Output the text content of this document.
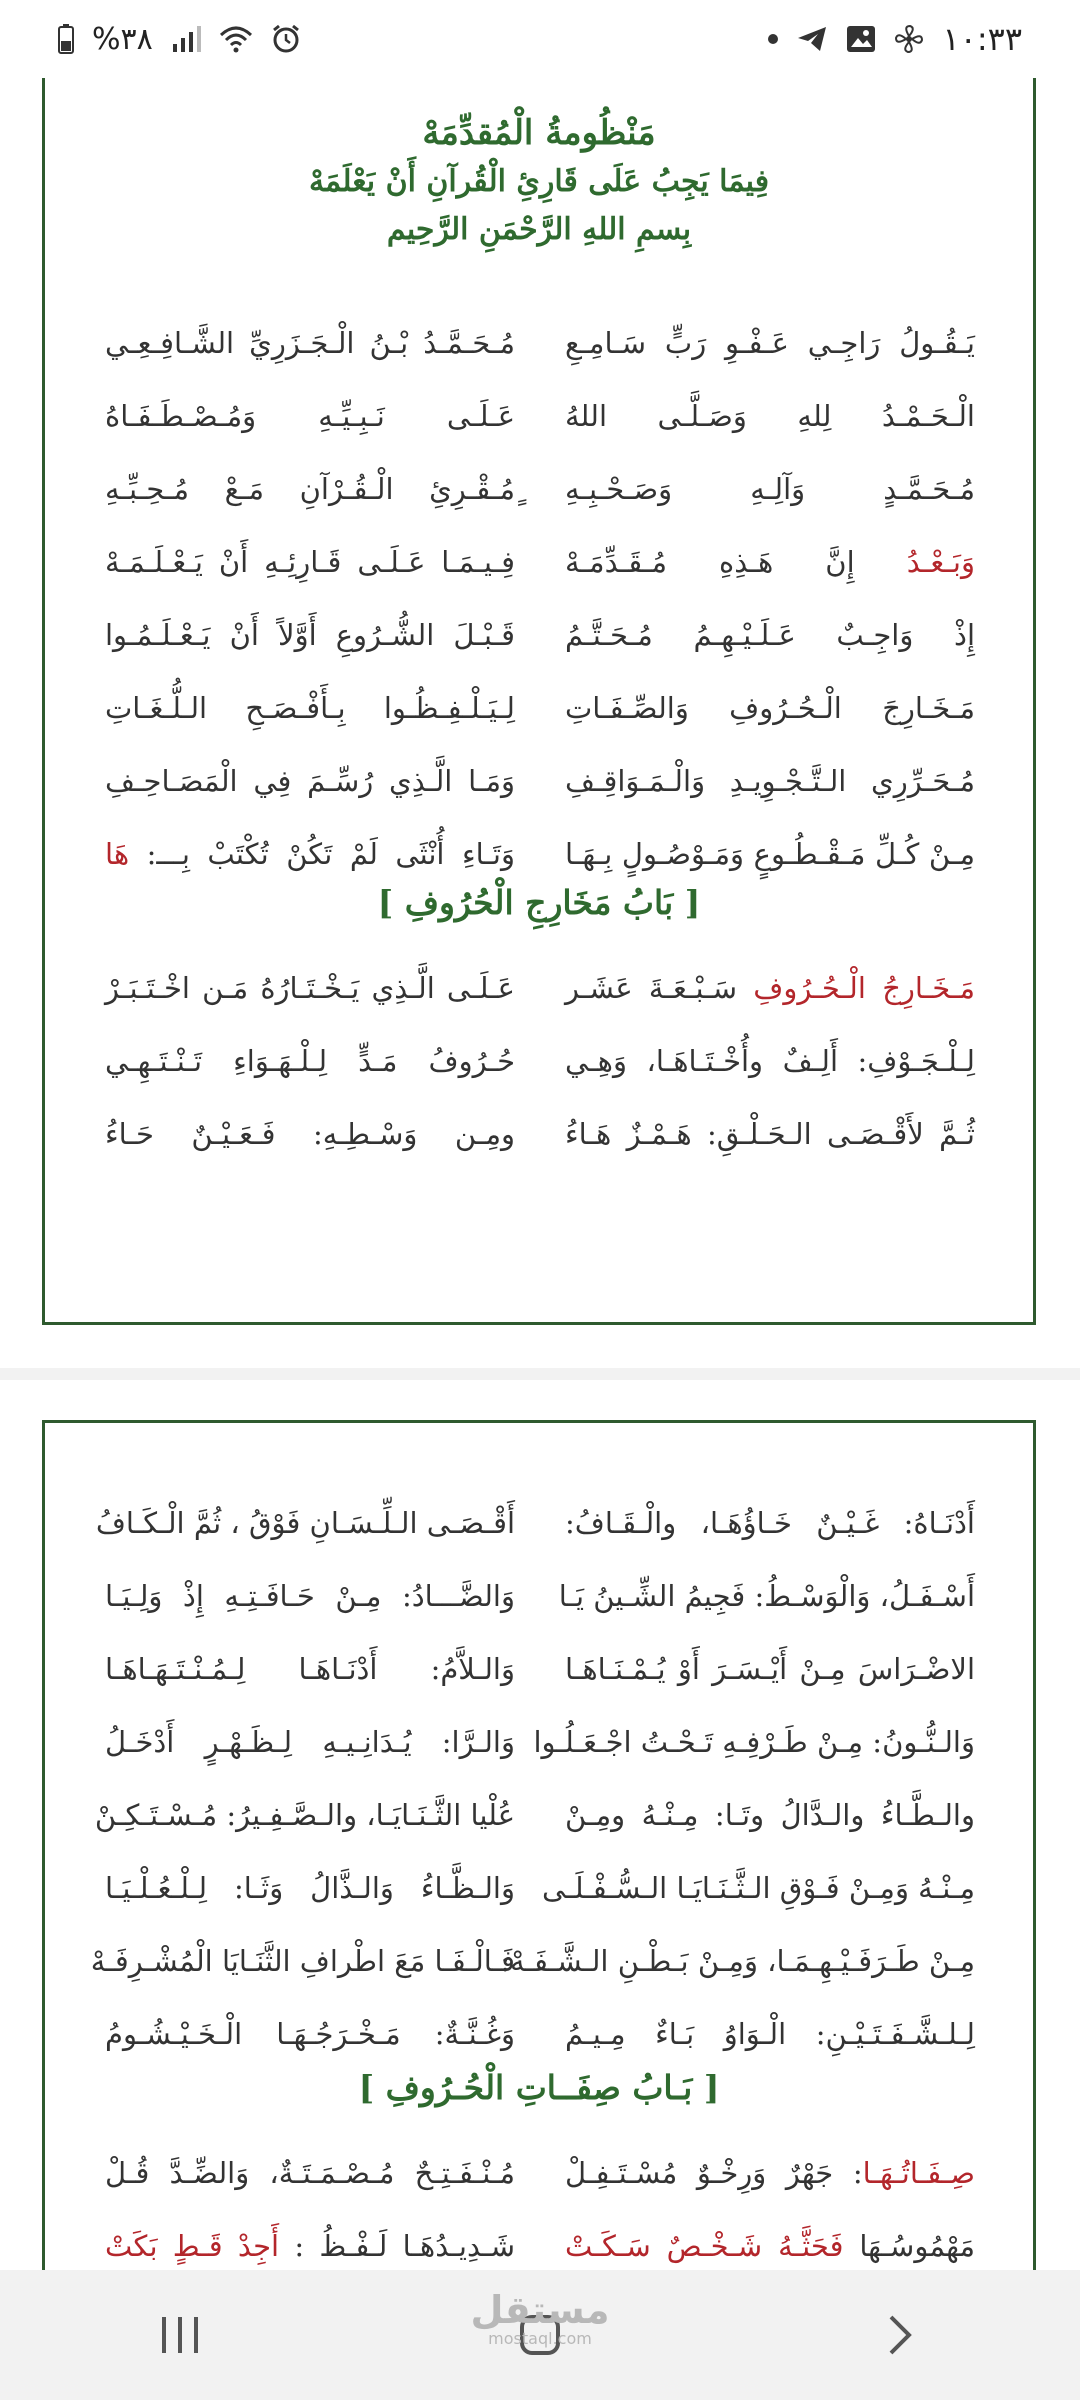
%٣٨	١٠:٣٣
مَنْظُومةُ الْمُقدِّمَهْ
فِيمَا يَجِبُ عَلَى قَارِئِ الْقُرآنِ أَنْ يَعْلَمَهْ
بِسمِ اللهِ الرَّحْمَنِ الرَّحِيم
يَـقُـولُ رَاجِـي عَـفْـوِ رَبٍّ سَـامِـعِ
مُـحَـمَّـدُ بْـنُ الْـجَـزَرِيِّ الشَّـافِـعِـي
الْـحَـمْـدُ لِلهِ وَصَـلَّـى اللهُ
عَـلَـى نَـبِـيِّـهِ وَمُـصْـطَـفَـاهُ
مُـحَـمَّـدٍ وَآلِـهِ وَصَـحْـبِـهِ
ٍمُـقْـرِئِ الْـقُـرْآنِ مَـعْ مُـحِـبِّـهِ
وَبَـعْـدُ إِنَّ هَـذِهِ مُـقَـدِّمَـهْ
فِـيـمَـا عَـلَـى قَـارِئِـهِ أَنْ يَـعْـلَـمَـهْ
إِذْ وَاجِـبٌ عَـلَـيْـهِـمُ مُـحَـتَّـمُ
قَـبْـلَ الشُّـرُوعِ أَوَّلاً أَنْ يَـعْـلَـمُـوا
مَـخَـارِجَ الْـحُـرُوفِ وَالصِّـفَـاتِ
لِـيَـلْـفِـظُـوا بِـأَفْـصَـحِ الـلُّـغَـاتِ
مُـحَـرِّرِي الـتَّـجْـوِيـدِ وَالْـمَـوَاقِـفِ
وَمَـا الَّـذِي رُسِّـمَ فِي الْمَصَـاحِـفِ
مِـنْ كُـلِّ مَـقْـطُـوعٍ وَمَـوْصُـولٍ بِـهَـا
وَتَـاءِ أُنْثَى لَمْ تَكُنْ تُكْتَبْ بِـــ: هَا
[ بَابُ مَخَارِجِ الْحُرُوفِ ]
مَـخَـارِجُ الْـحُـرُوفِ سَـبْـعَـةَ عَشَـر
عَـلَـى الَّـذِي يَـخْـتَـارُهُ مَـن اخْـتَـبَـرْ
لِـلْـجَـوْفِ: أَلِـفٌ وأُخْـتَـاهَـا، وَهِـي
حُـرُوفُ مَـدٍّ لِـلْـهَـوَاءِ تَـنْـتَـهِـي
ثُـمَّ لأَقْـصَـى الـحَـلْـقِ: هَـمْـزٌ هَـاءُ
ومِـن وَسْـطِـهِ: فَـعَـيْـنٌ حَـاءُ
أَدْنَـاهُ: غَـيْـنٌ خَـاؤُهَـا، والْـقَـافُ:
أَقْـصَـى الـلِّـسَـانِ فَوْقُ ، ثُمَّ الْـكَـافُ
أَسْـفَـلُ، وَالْوَسْـطُ: فَجِيمُ الشِّـينُ يَـا
وَالضَّـــادُ: مِـنْ حَـافَـتِـهِ إِذْ وَلِـيَـا
الاضْـرَاسَ مِـنْ أَيْـسَـرَ أَوْ يُـمْـنَـاهَـا
وَالـلاَّمُ: أَدْنَـاهَـا لِـمُـنْـتَـهَـاهَـا
وَالـنُّـونُ: مِـنْ طَـرْفِـهِ تَـحْـتُ اجْـعَـلُـوا
وَالـرَّا: يُـدَانِـيـهِ لِـظَـهْـرٍ أَدْخَـلُ
والـطَّـاءُ والـدَّالُ وتَـا: مِـنْـهُ ومِـنْ
عُلْيا الثَّـنَـايَـا، والـصَّـفِـيرُ: مُـسْـتَـكِـنْ
مِـنْـهُ وَمِـنْ فَـوْقِ الـثَّـنَـايَـا الـسُّـفْـلَـى
وَالـظَّـاءُ وَالـذَّالُ وَثَـا: لِـلْـعُـلْـيَـا
مِـنْ طَـرَفَـيْـهِـمَـا، وَمِـنْ بَـطْـنِ الـشَّـفَـهْ:
فَـالْـفَـا مَعَ اطْرافِ الثَّنَـايَا الْمُشْـرِفَـهْ
لِـلـشَّـفَـتَـيْـنِ: الْـوَاوُ بَـاءٌ مِـيـمُ
وَغُـنَّـةٌ: مَـخْـرَجُـهَـا الْـخَـيْـشُـومُ
[ بَـابُ صِفَــاتِ الْحُـرُوفِ ]
صِـفَـاتُـهَـا: جَهْرٌ وَرِخْـوٌ مُسْـتَـفِـلْ
مُـنْـفَـتِـحٌ مُـصْـمَـتَـةٌ، وَالضِّـدَّ قُـلْ
مَهْمُوسُـهَا فَحَثَّـهُ شَـخْـصٌ سَـكَـتْ
شَـدِيـدُهَـا لَـفْـظُ : أَجِدْ قَـطٍ بَكَتْ
مستقل
mostaql.com
